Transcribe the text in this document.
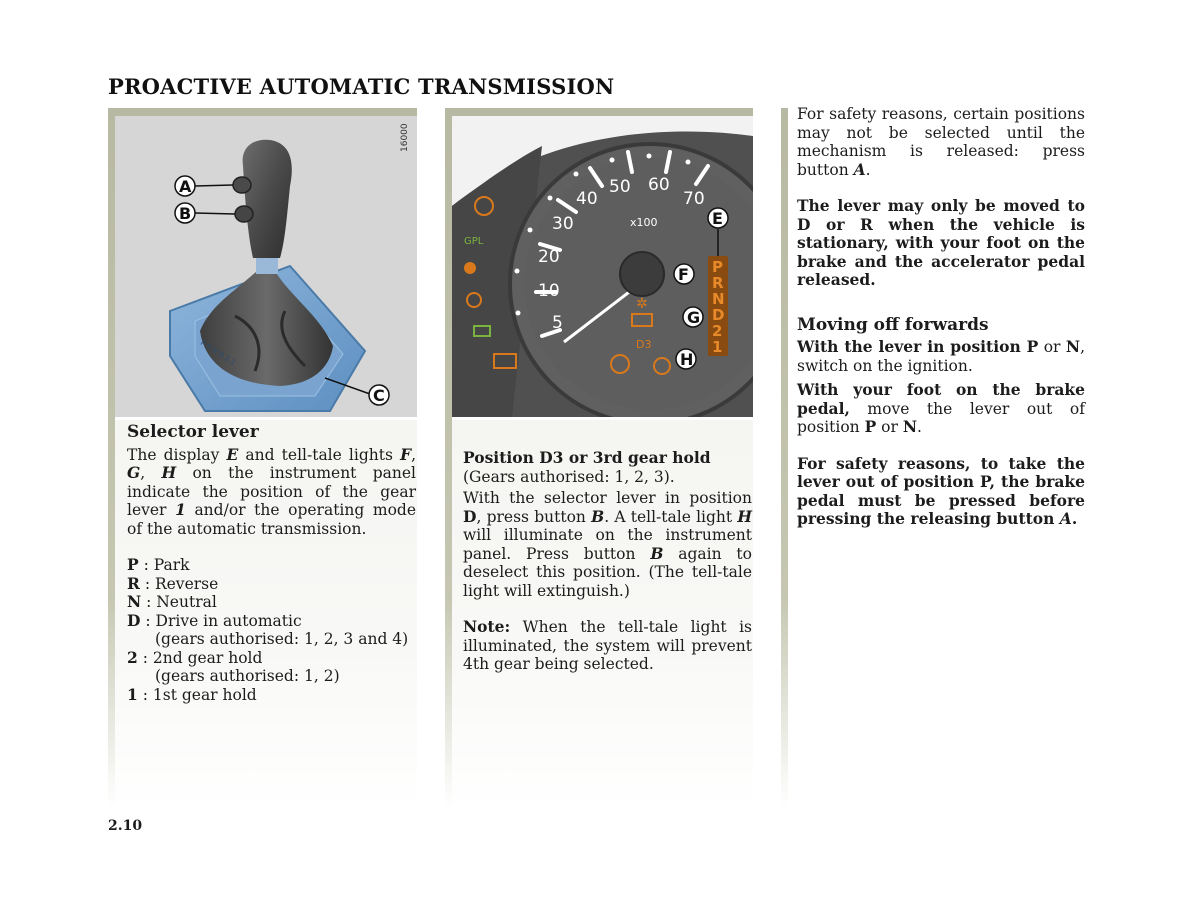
PROACTIVE AUTOMATIC TRANSMISSION
P R N D 2 1
16000
A
B
C
5
10
20
30
40
50 60
70
x100
GPL
✲
D3
P
R
N
D
2
1
E
F
G
H
Selector lever

The display E and tell-tale lights F, G, H on the instrument panel indicate the position of the gear lever 1 and/or the operating mode of the automatic transmission.

P : Park
R : Reverse
N : Neutral
D : Drive in automatic
(gears authorised: 1, 2, 3 and 4)
2 : 2nd gear hold
(gears authorised: 1, 2)
1 : 1st gear hold
Position D3 or 3rd gear hold
(Gears authorised: 1, 2, 3).

With the selector lever in position D, press button B. A tell-tale light H will illuminate on the instrument panel. Press button B again to deselect this position. (The tell-tale light will extinguish.)

Note: When the tell-tale light is illuminated, the system will prevent 4th gear being selected.

For safety reasons, certain positions may not be selected until the mechanism is released: press button A.

The lever may only be moved to D or R when the vehicle is stationary, with your foot on the brake and the accelerator pedal released.

Moving off forwards

With the lever in position P or N, switch on the ignition.

With your foot on the brake pedal, move the lever out of position P or N.

For safety reasons, to take the lever out of position P, the brake pedal must be pressed before pressing the releasing button A.

2.10
